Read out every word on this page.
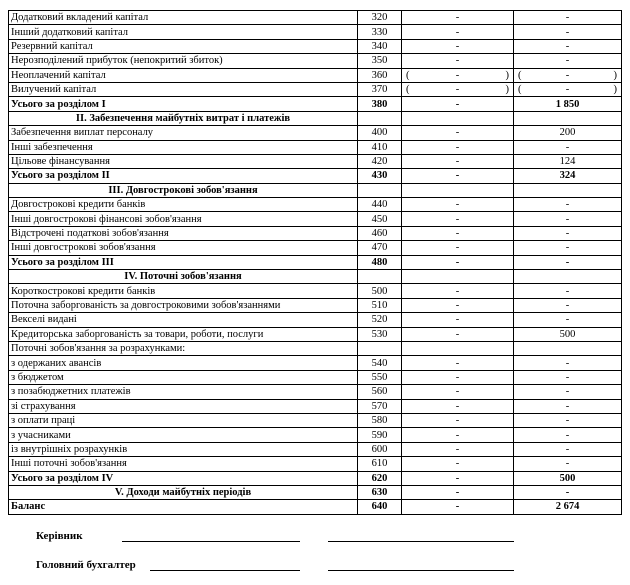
Додатковий вкладений капітал	320	-	-
Інший додатковий капітал	330	-	-
Резервний капітал	340	-	-
Нерозподілений прибуток (непокритий збиток)	350	-	-
Неоплачений капітал	360	( - )	( - )

Вилучений капітал	370	( - )	( - )

Усього за розділом I	380	-	1 850
II. Забезпечення майбутніх витрат і платежів			
Забезпечення виплат персоналу	400	-	200
Інші забезпечення	410	-	-
Цільове фінансування	420	-	124
Усього за розділом II	430	-	324
III. Довгострокові зобов'язання			
Довгострокові кредити банків	440	-	-
Інші довгострокові фінансові зобов'язання	450	-	-
Відстрочені податкові зобов'язання	460	-	-
Інші довгострокові зобов'язання	470	-	-
Усього за розділом III	480	-	-
IV. Поточні зобов'язання			
Короткострокові кредити банків	500	-	-
Поточна заборгованість за довгостроковими зобов'язаннями	510	-	-
Векселі видані	520	-	-
Кредиторська заборгованість за товари, роботи, послуги	530	-	500
Поточні зобов'язання за розрахунками:			
з одержаних авансів	540	-	-
з бюджетом	550	-	-
з позабюджетних платежів	560	-	-
зі страхування	570	-	-
з оплати праці	580	-	-
з учасниками	590	-	-
із внутрішніх розрахунків	600	-	-
Інші поточні зобов'язання	610	-	-
Усього за розділом IV	620	-	500
V. Доходи майбутніх періодів	630	-	-
Баланс	640	-	2 674
Керівник
Головний бухгалтер
